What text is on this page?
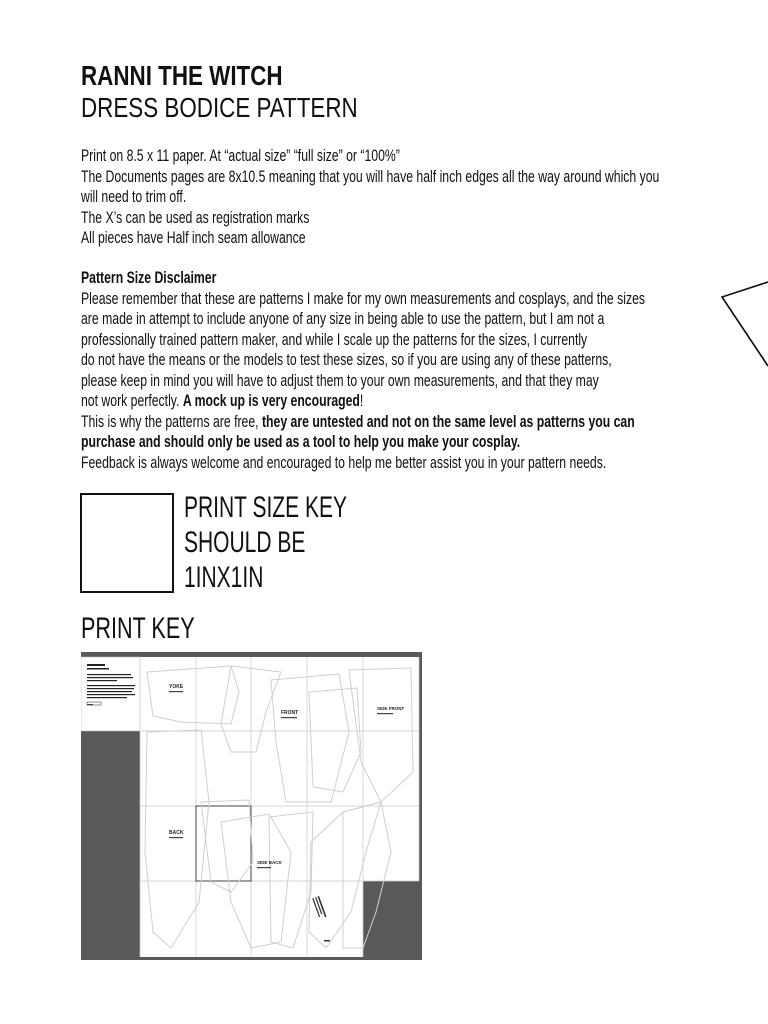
RANNI THE WITCH
DRESS BODICE PATTERN
Print on 8.5 x 11 paper. At “actual size” “full size” or “100%”
The Documents pages are 8x10.5 meaning that you will have half inch edges all the way around which you
will need to trim off.
The X’s can be used as registration marks
All pieces have Half inch seam allowance
Pattern Size Disclaimer
Please remember that these are patterns I make for my own measurements and cosplays, and the sizes
are made in attempt to include anyone of any size in being able to use the pattern, but I am not a
professionally trained pattern maker, and while I scale up the patterns for the sizes, I currently
do not have the means or the models to test these sizes, so if you are using any of these patterns,
please keep in mind you will have to adjust them to your own measurements, and that they may
not work perfectly. A mock up is very encouraged!
This is why the patterns are free, they are untested and not on the same level as patterns you can
purchase and should only be used as a tool to help you make your cosplay.
Feedback is always welcome and encouraged to help me better assist you in your pattern needs.
PRINT SIZE KEY
SHOULD BE
1INX1IN
PRINT KEY
YOKE
FRONT
BACK
SIDE BACK
SIDE FRONT
